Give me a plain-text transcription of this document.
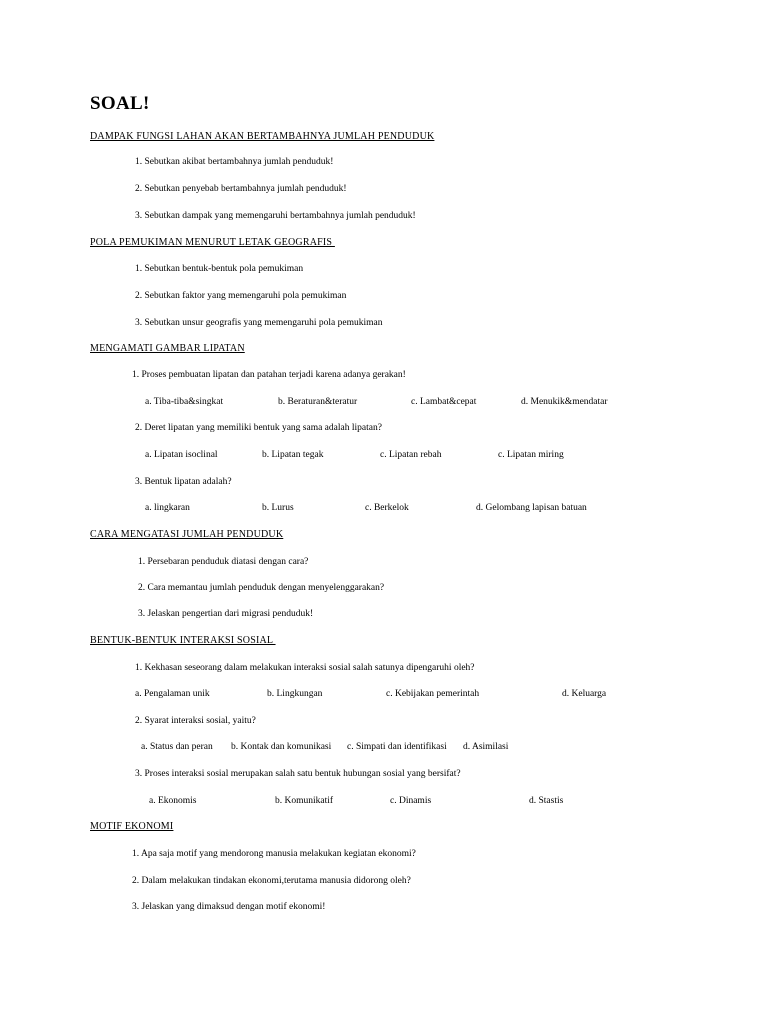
SOAL!
DAMPAK FUNGSI LAHAN AKAN BERTAMBAHNYA JUMLAH PENDUDUK
1. Sebutkan akibat bertambahnya jumlah penduduk!
2. Sebutkan penyebab bertambahnya jumlah penduduk!
3. Sebutkan dampak yang memengaruhi bertambahnya jumlah penduduk!
POLA PEMUKIMAN MENURUT LETAK GEOGRAFIS
1. Sebutkan bentuk-bentuk pola pemukiman
2. Sebutkan faktor yang memengaruhi pola pemukiman
3. Sebutkan unsur geografis yang memengaruhi pola pemukiman
MENGAMATI GAMBAR LIPATAN
1. Proses pembuatan lipatan dan patahan terjadi karena adanya gerakan!
a. Tiba-tiba&singkat	b. Beraturan&teratur	c. Lambat&cepat	d. Menukik&mendatar
2. Deret lipatan yang memiliki bentuk yang sama adalah lipatan?
a. Lipatan isoclinal	b. Lipatan tegak	c. Lipatan rebah	c. Lipatan miring
3. Bentuk lipatan adalah?
a. lingkaran	b. Lurus	c. Berkelok	d. Gelombang lapisan batuan
CARA MENGATASI JUMLAH PENDUDUK
1. Persebaran penduduk diatasi dengan cara?
2. Cara memantau jumlah penduduk dengan menyelenggarakan?
3. Jelaskan pengertian dari migrasi penduduk!
BENTUK-BENTUK INTERAKSI SOSIAL
1. Kekhasan seseorang dalam melakukan interaksi sosial salah satunya dipengaruhi oleh?
a. Pengalaman unik	b. Lingkungan	c. Kebijakan pemerintah	d. Keluarga
2. Syarat interaksi sosial, yaitu?
a. Status dan peran b. Kontak dan komunikasi c. Simpati dan identifikasi d. Asimilasi
3. Proses interaksi sosial merupakan salah satu bentuk hubungan sosial yang bersifat?
a. Ekonomis	b. Komunikatif	c. Dinamis	d. Stastis
MOTIF EKONOMI
1. Apa saja motif yang mendorong manusia melakukan kegiatan ekonomi?
2. Dalam melakukan tindakan ekonomi,terutama manusia didorong oleh?
3. Jelaskan yang dimaksud dengan motif ekonomi!
